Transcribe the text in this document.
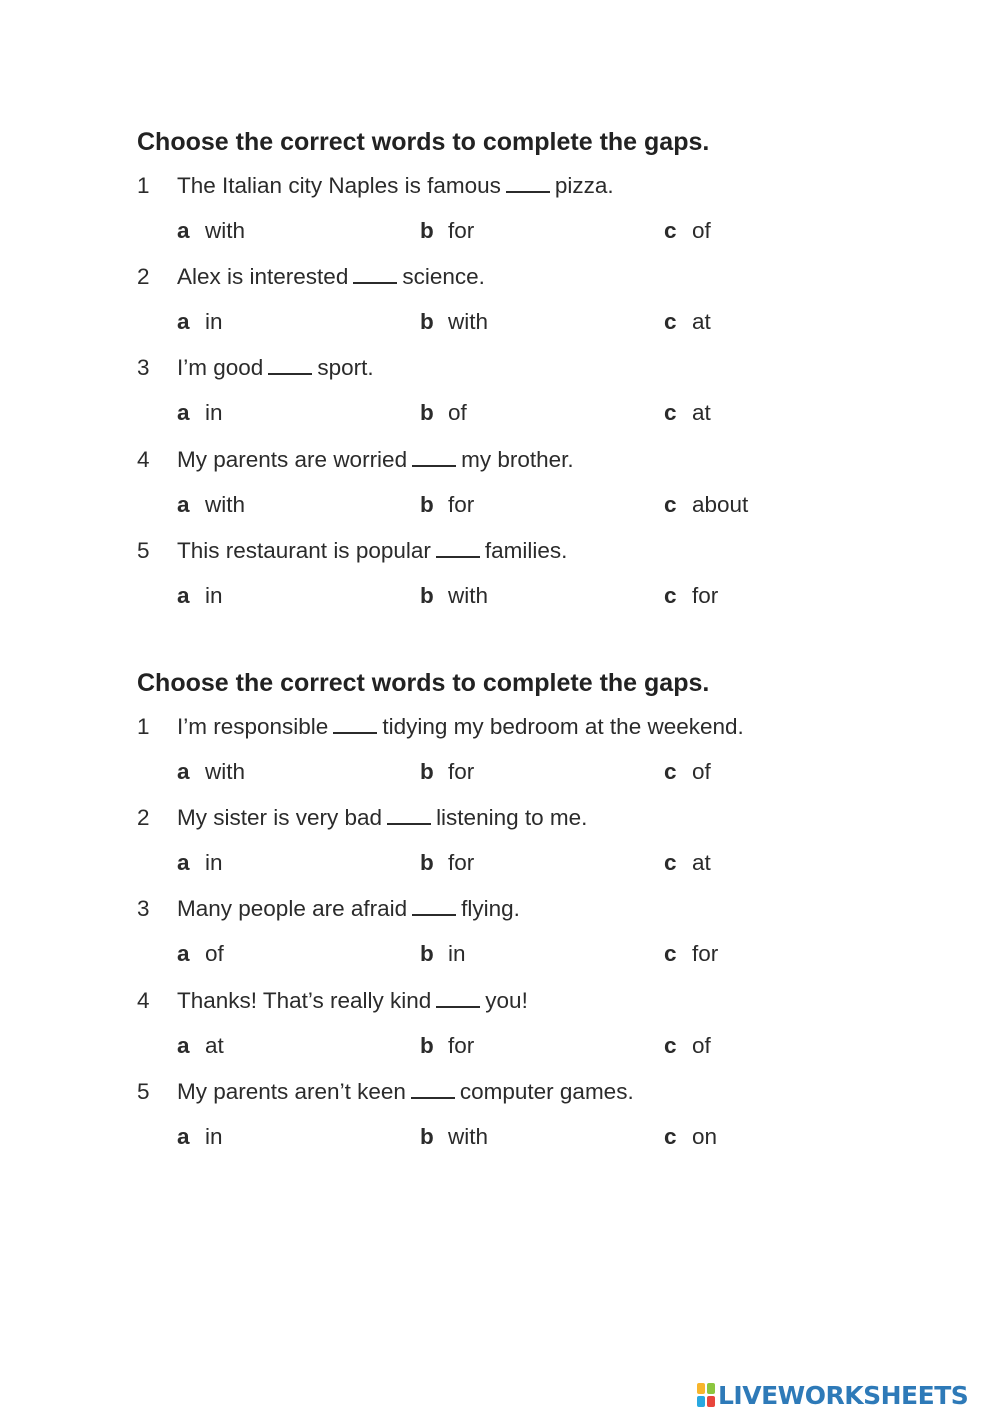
Choose the correct words to complete the gaps.
1 The Italian city Naples is famous pizza.
a with	b for	c of
2 Alex is interested science.
a in	b with	c at
3 I’m good sport.
a in	b of	c at
4 My parents are worried my brother.
a with	b for	c about
5 This restaurant is popular families.
a in	b with	c for
Choose the correct words to complete the gaps.
1 I’m responsible tidying my bedroom at the weekend.
a with	b for	c of
2 My sister is very bad listening to me.
a in	b for	c at
3 Many people are afraid flying.
a of	b in	c for
4 Thanks! That’s really kind you!
a at	b for	c of
5 My parents aren’t keen computer games.
a in	b with	c on
LIVEWORKSHEETS
